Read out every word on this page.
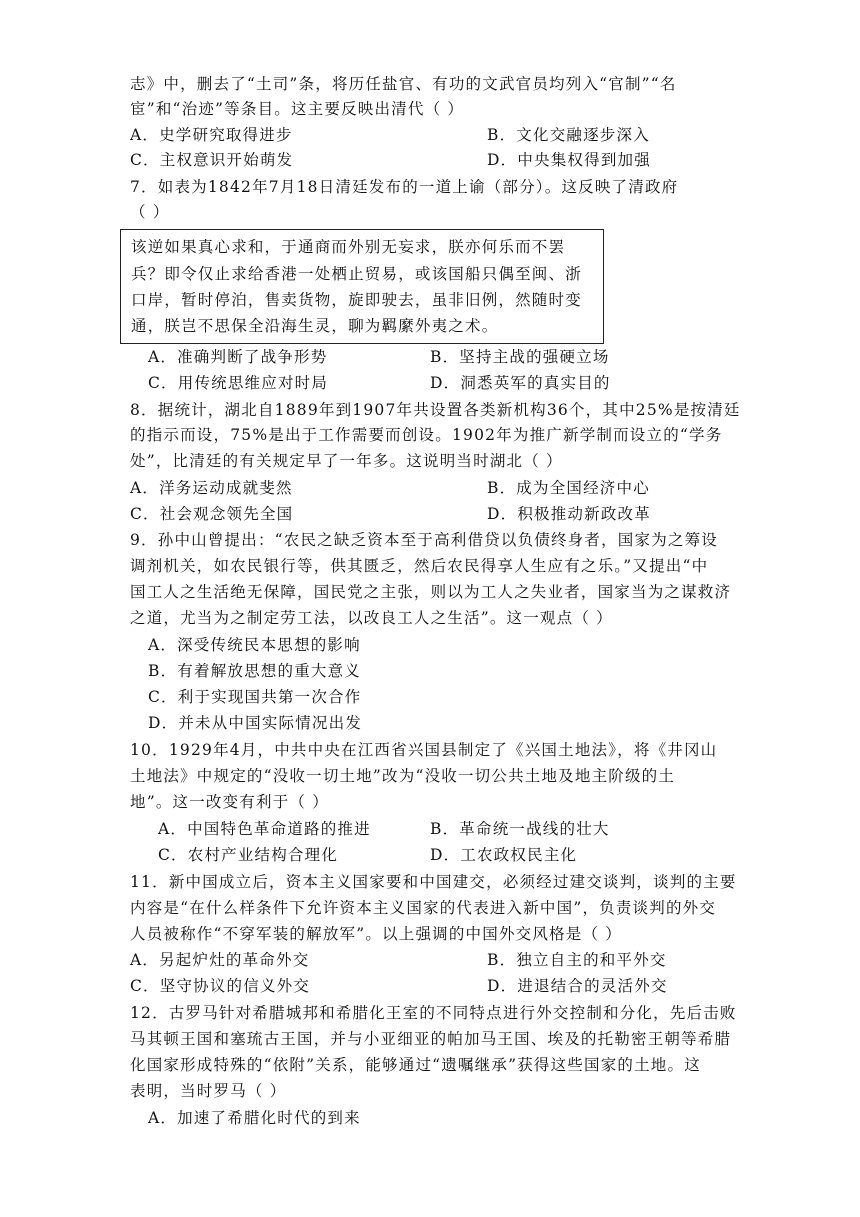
志》中，删去了“土司”条，将历任盐官、有功的文武官员均列入“官制”“名
宦”和“治迹”等条目。这主要反映出清代（ ）
A．史学研究取得进步	B．文化交融逐步深入
C．主权意识开始萌发	D．中央集权得到加强
7．如表为1842年7月18日清廷发布的一道上谕（部分）。这反映了清政府
（ ）
该逆如果真心求和，于通商而外别无妄求，朕亦何乐而不罢
兵？即令仅止求给香港一处栖止贸易，或该国船只偶至闽、浙
口岸，暂时停泊，售卖货物，旋即驶去，虽非旧例，然随时变
通，朕岂不思保全沿海生灵，聊为羁縻外夷之术。
A．准确判断了战争形势	B．坚持主战的强硬立场
C．用传统思维应对时局	D．洞悉英军的真实目的
8．据统计，湖北自1889年到1907年共设置各类新机构36个，其中25%是按清廷
的指示而设，75%是出于工作需要而创设。1902年为推广新学制而设立的“学务
处”，比清廷的有关规定早了一年多。这说明当时湖北（ ）
A．洋务运动成就斐然	B．成为全国经济中心
C．社会观念领先全国	D．积极推动新政改革
9．孙中山曾提出：“农民之缺乏资本至于高利借贷以负债终身者，国家为之筹设
调剂机关，如农民银行等，供其匮乏，然后农民得享人生应有之乐。”又提出“中
国工人之生活绝无保障，国民党之主张，则以为工人之失业者，国家当为之谋救济
之道，尤当为之制定劳工法，以改良工人之生活”。这一观点（ ）
A．深受传统民本思想的影响
B．有着解放思想的重大意义
C．利于实现国共第一次合作
D．并未从中国实际情况出发
10．1929年4月，中共中央在江西省兴国县制定了《兴国土地法》，将《井冈山
土地法》中规定的“没收一切土地”改为“没收一切公共土地及地主阶级的土
地”。这一改变有利于（ ）
A．中国特色革命道路的推进	B．革命统一战线的壮大
C．农村产业结构合理化	D．工农政权民主化
11．新中国成立后，资本主义国家要和中国建交，必须经过建交谈判，谈判的主要
内容是“在什么样条件下允许资本主义国家的代表进入新中国”，负责谈判的外交
人员被称作“不穿军装的解放军”。以上强调的中国外交风格是（ ）
A．另起炉灶的革命外交	B．独立自主的和平外交
C．坚守协议的信义外交	D．进退结合的灵活外交
12．古罗马针对希腊城邦和希腊化王室的不同特点进行外交控制和分化，先后击败
马其顿王国和塞琉古王国，并与小亚细亚的帕加马王国、埃及的托勒密王朝等希腊
化国家形成特殊的“依附”关系，能够通过“遗嘱继承”获得这些国家的土地。这
表明，当时罗马（ ）
A．加速了希腊化时代的到来
